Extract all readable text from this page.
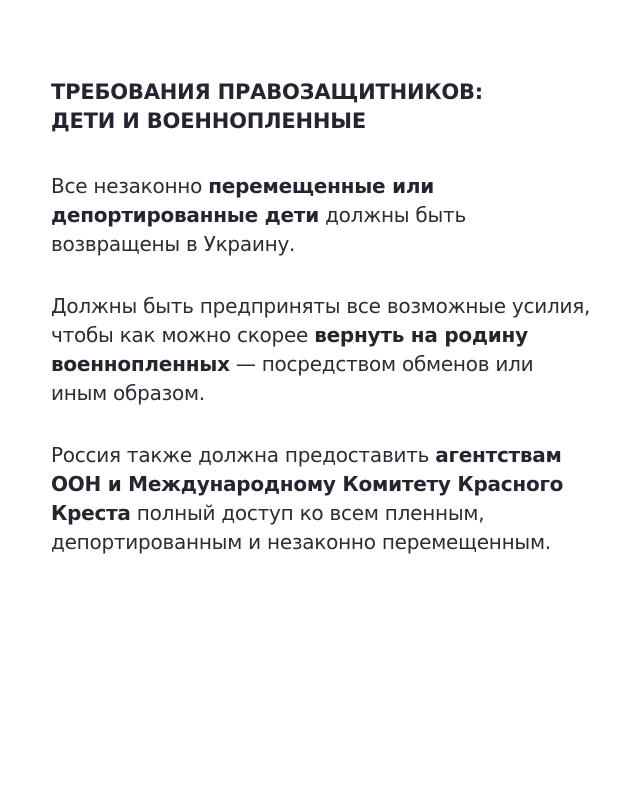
ТРЕБОВАНИЯ ПРАВОЗАЩИТНИКОВ:
ДЕТИ И ВОЕННОПЛЕННЫЕ

Все незаконно перемещенные или депортированные дети должны быть возвращены в Украину.

Должны быть предприняты все возможные усилия, чтобы как можно скорее вернуть на родину военнопленных — посредством обменов или иным образом.

Россия также должна предоставить агентствам ООН и Международному Комитету Красного Креста полный доступ ко всем пленным, депортированным и незаконно перемещенным.
